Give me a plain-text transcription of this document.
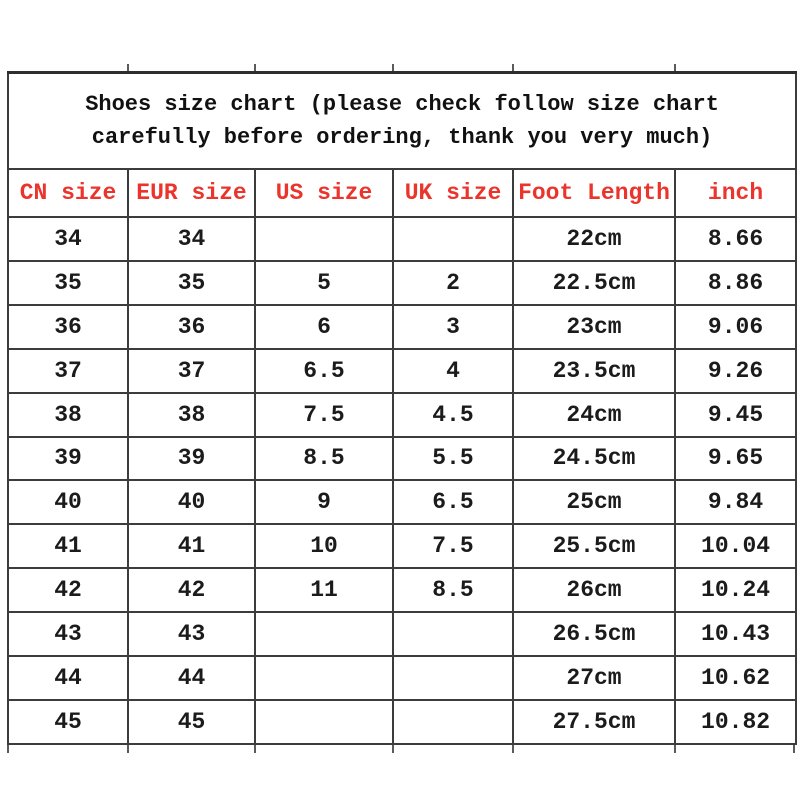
Shoes size chart (please check follow size chart
carefully before ordering, thank you very much)					

CN size	EUR size	US size	UK size	Foot Length	inch
34	34			22cm	8.66
35	35	5	2	22.5cm	8.86
36	36	6	3	23cm	9.06
37	37	6.5	4	23.5cm	9.26
38	38	7.5	4.5	24cm	9.45
39	39	8.5	5.5	24.5cm	9.65
40	40	9	6.5	25cm	9.84
41	41	10	7.5	25.5cm	10.04
42	42	11	8.5	26cm	10.24
43	43			26.5cm	10.43
44	44			27cm	10.62
45	45			27.5cm	10.82
